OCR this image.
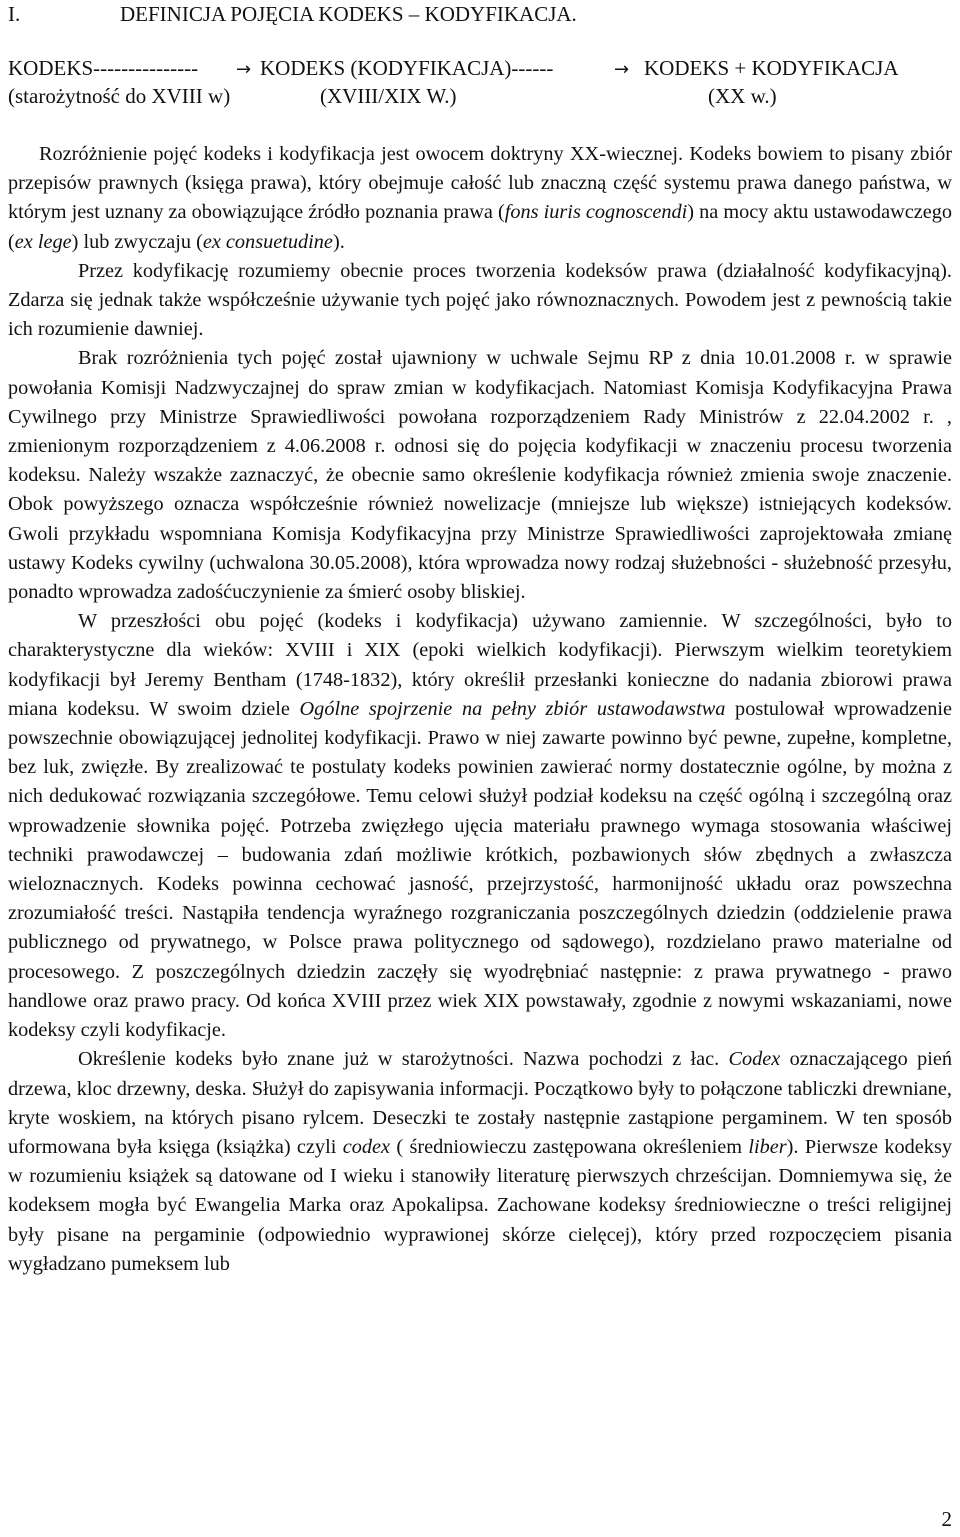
I.	DEFINICJA POJĘCIA KODEKS – KODYFIKACJA.
KODEKS--------------- → KODEKS (KODYFIKACJA)------	→ KODEKS + KODYFIKACJA
(starożytność do XVIII w)	(XVIII/XIX W.)	(XX w.)

Rozróżnienie pojęć kodeks i kodyfikacja jest owocem doktryny XX-wiecznej. Kodeks bowiem to pisany zbiór przepisów prawnych (księga prawa), który obejmuje całość lub znaczną część systemu prawa danego państwa, w którym jest uznany za obowiązujące źródło poznania prawa (fons iuris cognoscendi) na mocy aktu ustawodawczego (ex lege) lub zwyczaju (ex consuetudine).

Przez kodyfikację rozumiemy obecnie proces tworzenia kodeksów prawa (działalność kodyfikacyjną). Zdarza się jednak także współcześnie używanie tych pojęć jako równoznacznych. Powodem jest z pewnością takie ich rozumienie dawniej.

Brak rozróżnienia tych pojęć został ujawniony w uchwale Sejmu RP z dnia 10.01.2008 r. w sprawie powołania Komisji Nadzwyczajnej do spraw zmian w kodyfikacjach. Natomiast Komisja Kodyfikacyjna Prawa Cywilnego przy Ministrze Sprawiedliwości powołana rozporządzeniem Rady Ministrów z 22.04.2002 r. , zmienionym rozporządzeniem z 4.06.2008 r. odnosi się do pojęcia kodyfikacji w znaczeniu procesu tworzenia kodeksu. Należy wszakże zaznaczyć, że obecnie samo określenie kodyfikacja również zmienia swoje znaczenie. Obok powyższego oznacza współcześnie również nowelizacje (mniejsze lub większe) istniejących kodeksów. Gwoli przykładu wspomniana Komisja Kodyfikacyjna przy Ministrze Sprawiedliwości zaprojektowała zmianę ustawy Kodeks cywilny (uchwalona 30.05.2008), która wprowadza nowy rodzaj służebności - służebność przesyłu, ponadto wprowadza zadośćuczynienie za śmierć osoby bliskiej.

W przeszłości obu pojęć (kodeks i kodyfikacja) używano zamiennie. W szczególności, było to charakterystyczne dla wieków: XVIII i XIX (epoki wielkich kodyfikacji). Pierwszym wielkim teoretykiem kodyfikacji był Jeremy Bentham (1748-1832), który określił przesłanki konieczne do nadania zbiorowi prawa miana kodeksu. W swoim dziele Ogólne spojrzenie na pełny zbiór ustawodawstwa postulował wprowadzenie powszechnie obowiązującej jednolitej kodyfikacji. Prawo w niej zawarte powinno być pewne, zupełne, kompletne, bez luk, zwięzłe. By zrealizować te postulaty kodeks powinien zawierać normy dostatecznie ogólne, by można z nich dedukować rozwiązania szczegółowe. Temu celowi służył podział kodeksu na część ogólną i szczególną oraz wprowadzenie słownika pojęć. Potrzeba zwięzłego ujęcia materiału prawnego wymaga stosowania właściwej techniki prawodawczej – budowania zdań możliwie krótkich, pozbawionych słów zbędnych a zwłaszcza wieloznacznych. Kodeks powinna cechować jasność, przejrzystość, harmonijność układu oraz powszechna zrozumiałość treści. Nastąpiła tendencja wyraźnego rozgraniczania poszczególnych dziedzin (oddzielenie prawa publicznego od prywatnego, w Polsce prawa politycznego od sądowego), rozdzielano prawo materialne od procesowego. Z poszczególnych dziedzin zaczęły się wyodrębniać następnie: z prawa prywatnego - prawo handlowe oraz prawo pracy. Od końca XVIII przez wiek XIX powstawały, zgodnie z nowymi wskazaniami, nowe kodeksy czyli kodyfikacje.

Określenie kodeks było znane już w starożytności. Nazwa pochodzi z łac. Codex oznaczającego pień drzewa, kloc drzewny, deska. Służył do zapisywania informacji. Początkowo były to połączone tabliczki drewniane, kryte woskiem, na których pisano rylcem. Deseczki te zostały następnie zastąpione pergaminem. W ten sposób uformowana była księga (książka) czyli codex ( średniowieczu zastępowana określeniem liber). Pierwsze kodeksy w rozumieniu książek są datowane od I wieku i stanowiły literaturę pierwszych chrześcijan. Domniemywa się, że kodeksem mogła być Ewangelia Marka oraz Apokalipsa. Zachowane kodeksy średniowieczne o treści religijnej były pisane na pergaminie (odpowiednio wyprawionej skórze cielęcej), który przed rozpoczęciem pisania wygładzano pumeksem lub

2
